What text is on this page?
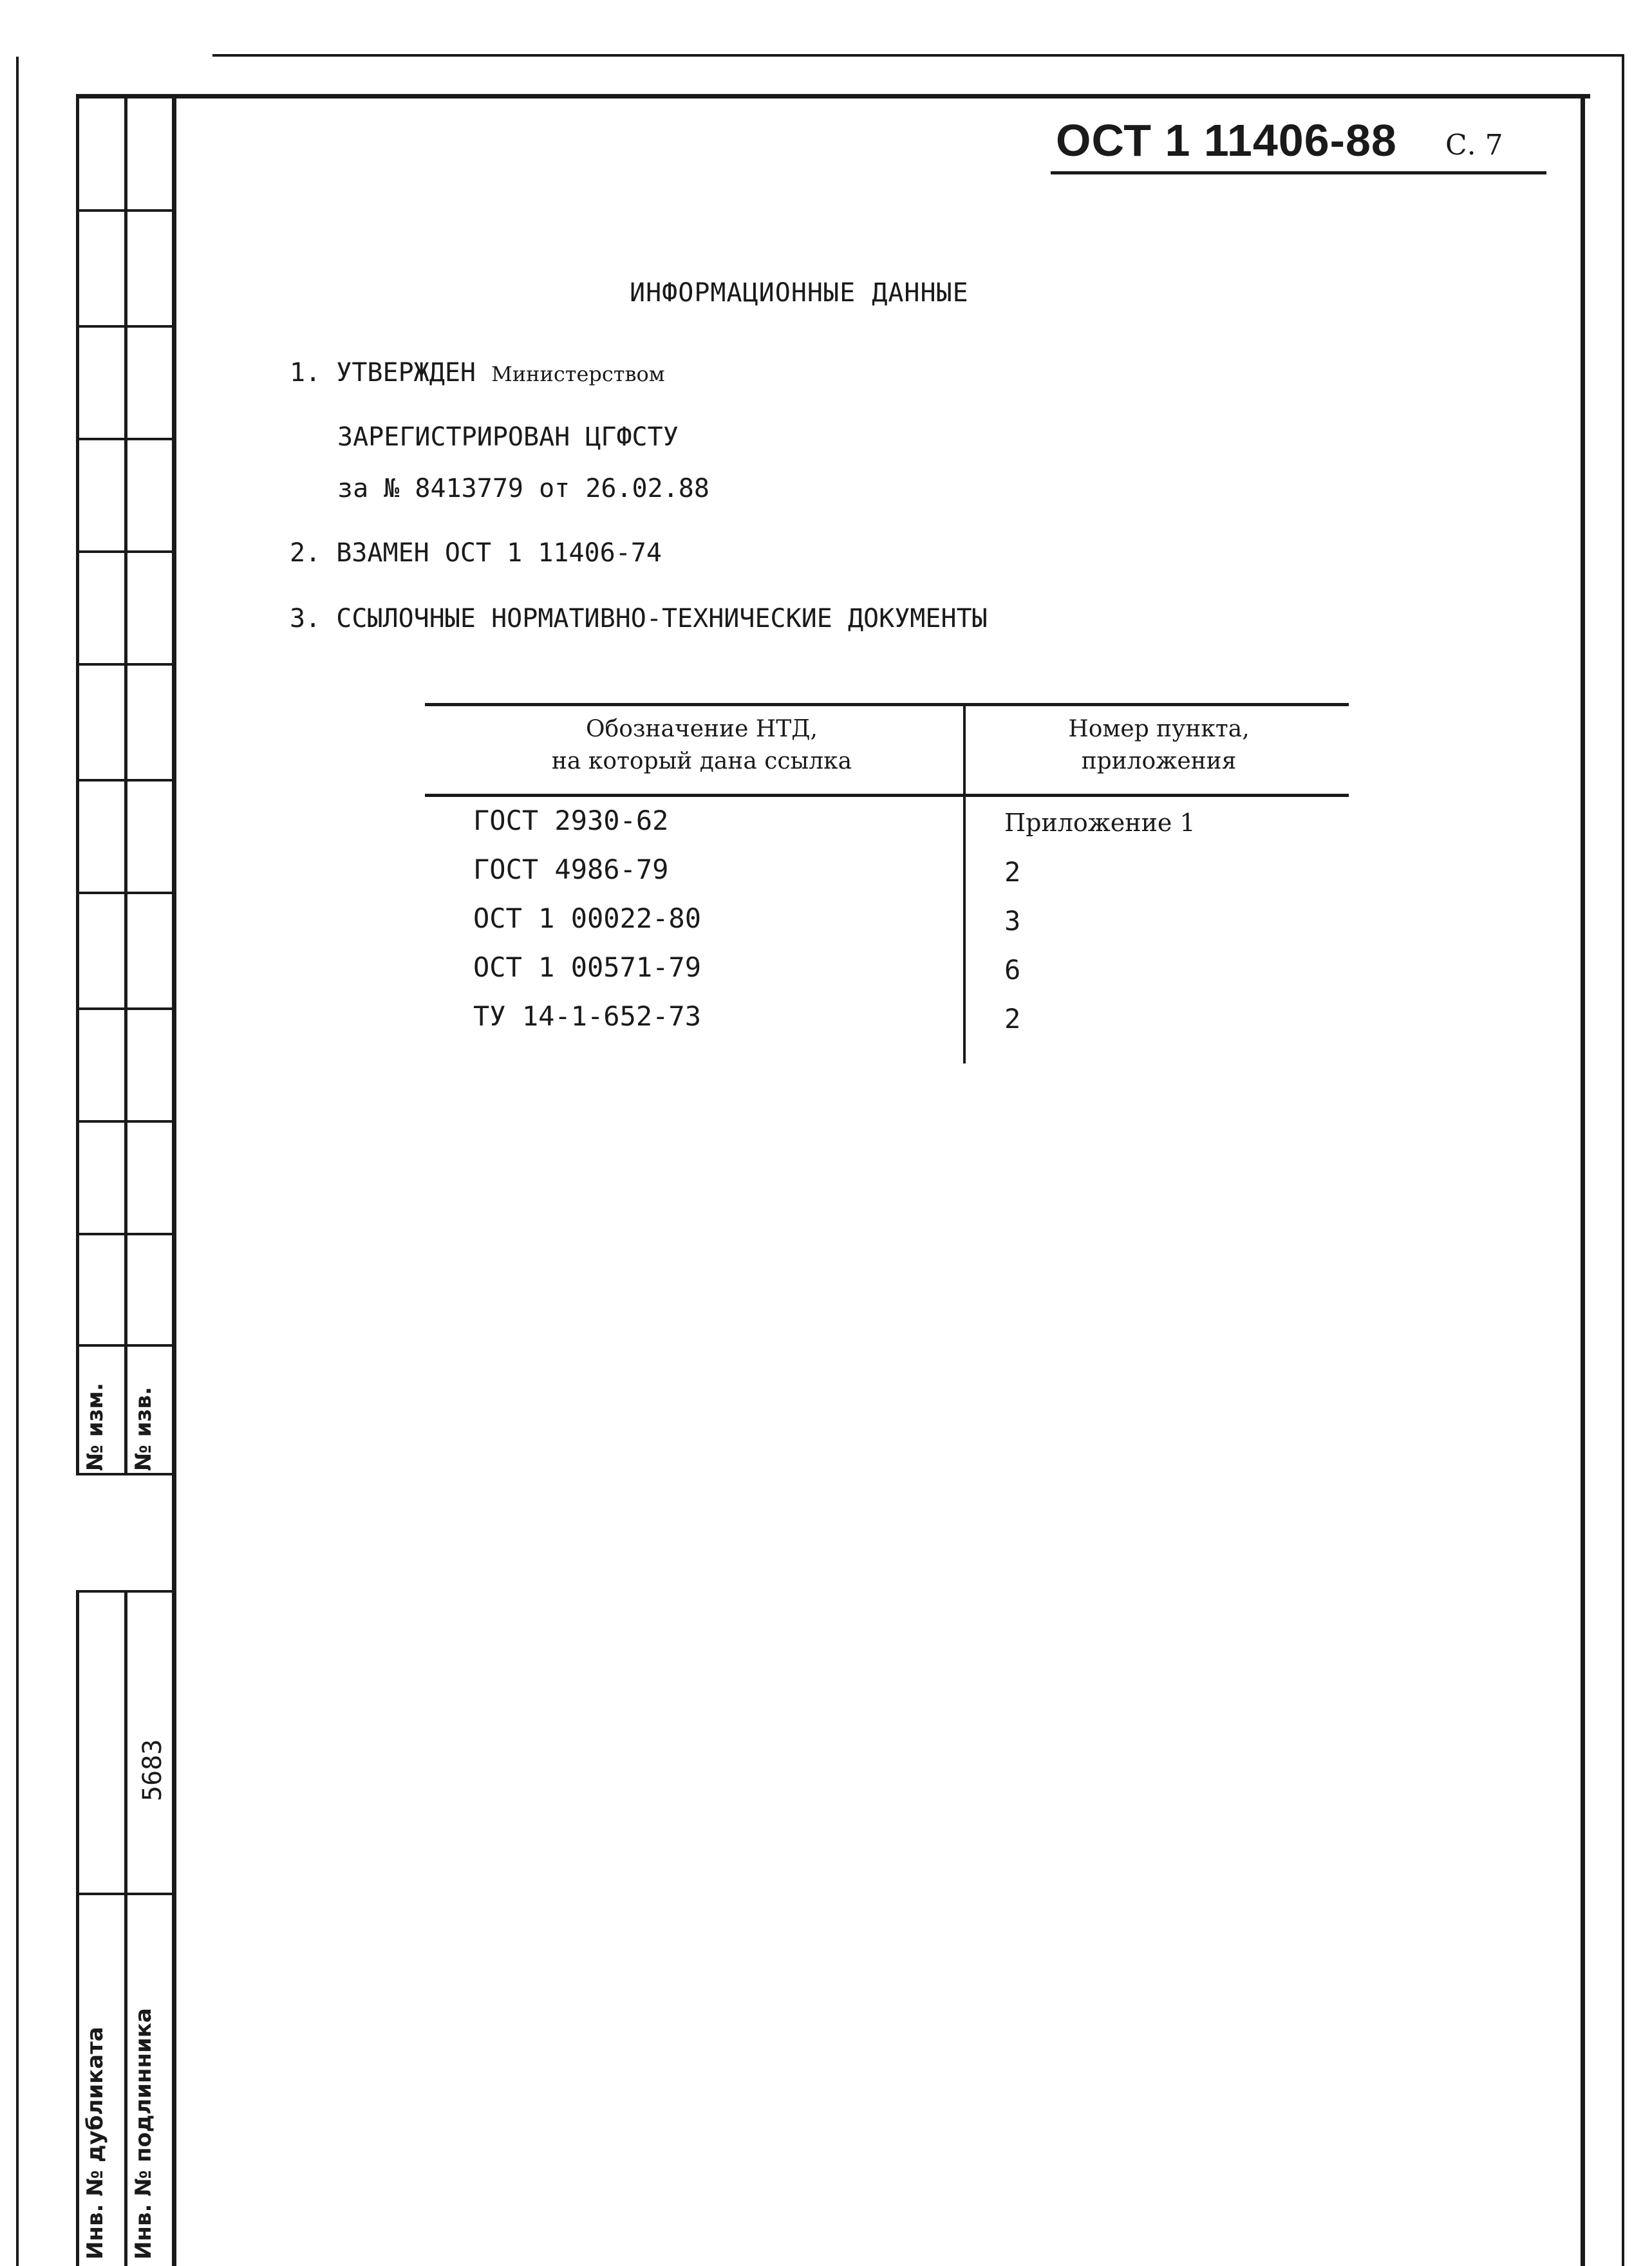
№ изм. № изв.
Инв. № дубликата Инв. № подлинника
5683
ОСТ 1 11406-88 С. 7
ИНФОРМАЦИОННЫЕ ДАННЫЕ
1. УТВЕРЖДЕН Министерством
ЗАРЕГИСТРИРОВАН ЦГФСТУ
за № 8413779 от 26.02.88
2. ВЗАМЕН ОСТ 1 11406-74
3. ССЫЛОЧНЫЕ НОРМАТИВНО-ТЕХНИЧЕСКИЕ ДОКУМЕНТЫ
Обозначение НТД,
на который дана ссылка
Номер пункта,
приложения
ГОСТ 2930-62	Приложение 1
ГОСТ 4986-79	2
ОСТ 1 00022-80	3
ОСТ 1 00571-79	6
ТУ 14-1-652-73	2
